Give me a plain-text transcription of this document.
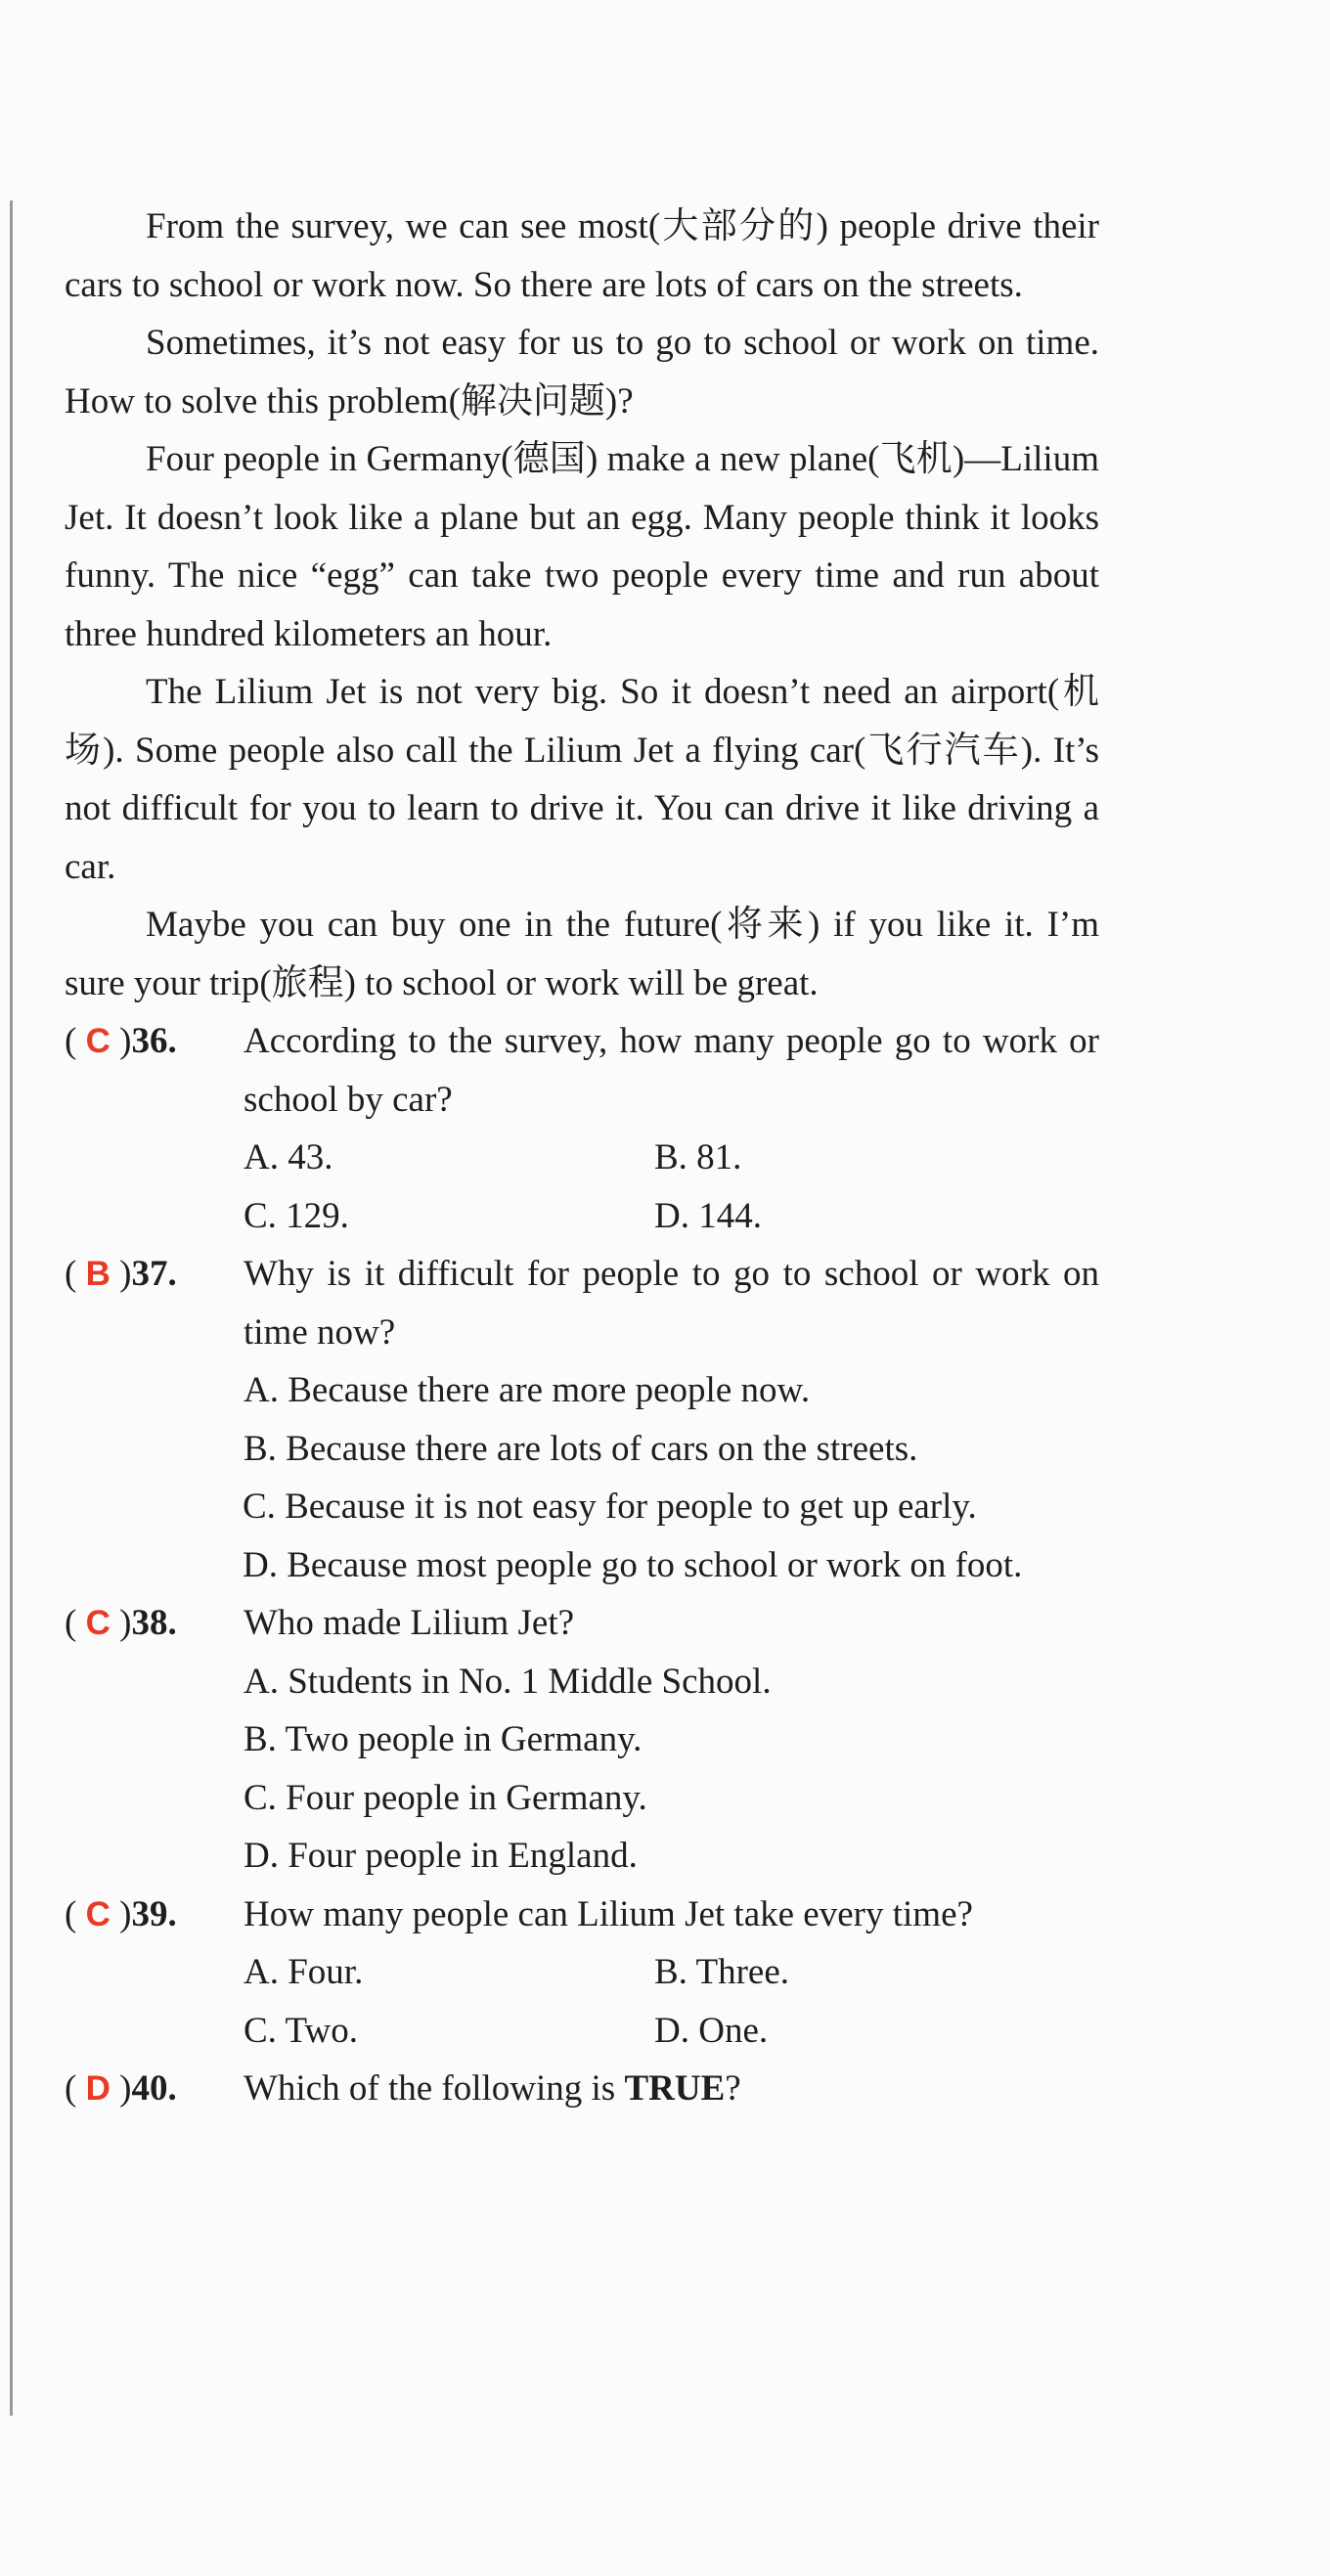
From the survey, we can see most(大部分的) people drive their cars to school or work now. So there are lots of cars on the streets.

Sometimes, it’s not easy for us to go to school or work on time. How to solve this problem(解决问题)?

Four people in Germany(德国) make a new plane(飞机)—Lilium Jet. It doesn’t look like a plane but an egg. Many people think it looks funny. The nice “egg” can take two people every time and run about three hundred kilometers an hour.

The Lilium Jet is not very big. So it doesn’t need an airport(机场). Some people also call the Lilium Jet a flying car(飞行汽车). It’s not difficult for you to learn to drive it. You can drive it like driving a car.

Maybe you can buy one in the future(将来) if you like it. I’m sure your trip(旅程) to school or work will be great.

( C )36. According to the survey, how many people go to work or school by car?

A. 43.	B. 81.
C. 129.	D. 144.
( B )37. Why is it difficult for people to go to school or work on time now?

A. Because there are more people now.

B. Because there are lots of cars on the streets.

C. Because it is not easy for people to get up early.

D. Because most people go to school or work on foot.

( C )38. Who made Lilium Jet?

A. Students in No. 1 Middle School.

B. Two people in Germany.

C. Four people in Germany.

D. Four people in England.

( C )39. How many people can Lilium Jet take every time?

A. Four.	B. Three.
C. Two.	D. One.
( D )40. Which of the following is TRUE?
